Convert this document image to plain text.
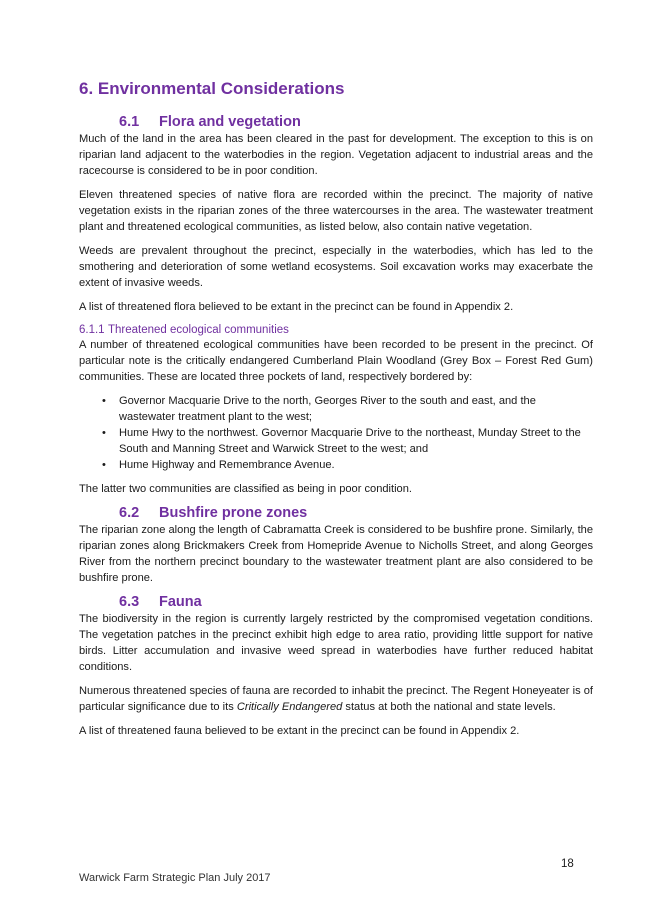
6. Environmental Considerations
6.1 Flora and vegetation

Much of the land in the area has been cleared in the past for development. The exception to this is on riparian land adjacent to the waterbodies in the region. Vegetation adjacent to industrial areas and the racecourse is considered to be in poor condition.

Eleven threatened species of native flora are recorded within the precinct. The majority of native vegetation exists in the riparian zones of the three watercourses in the area. The wastewater treatment plant and threatened ecological communities, as listed below, also contain native vegetation.

Weeds are prevalent throughout the precinct, especially in the waterbodies, which has led to the smothering and deterioration of some wetland ecosystems. Soil excavation works may exacerbate the extent of invasive weeds.

A list of threatened flora believed to be extant in the precinct can be found in Appendix 2.

6.1.1 Threatened ecological communities

A number of threatened ecological communities have been recorded to be present in the precinct. Of particular note is the critically endangered Cumberland Plain Woodland (Grey Box – Forest Red Gum) communities. These are located three pockets of land, respectively bordered by:

• Governor Macquarie Drive to the north, Georges River to the south and east, and the wastewater treatment plant to the west;
• Hume Hwy to the northwest. Governor Macquarie Drive to the northeast, Munday Street to the South and Manning Street and Warwick Street to the west; and
• Hume Highway and Remembrance Avenue.

The latter two communities are classified as being in poor condition.

6.2 Bushfire prone zones

The riparian zone along the length of Cabramatta Creek is considered to be bushfire prone. Similarly, the riparian zones along Brickmakers Creek from Homepride Avenue to Nicholls Street, and along Georges River from the northern precinct boundary to the wastewater treatment plant are also considered to be bushfire prone.

6.3 Fauna

The biodiversity in the region is currently largely restricted by the compromised vegetation conditions. The vegetation patches in the precinct exhibit high edge to area ratio, providing little support for native birds. Litter accumulation and invasive weed spread in waterbodies have further reduced habitat conditions.

Numerous threatened species of fauna are recorded to inhabit the precinct. The Regent Honeyeater is of particular significance due to its Critically Endangered status at both the national and state levels.

A list of threatened fauna believed to be extant in the precinct can be found in Appendix 2.

18
Warwick Farm Strategic Plan July 2017
